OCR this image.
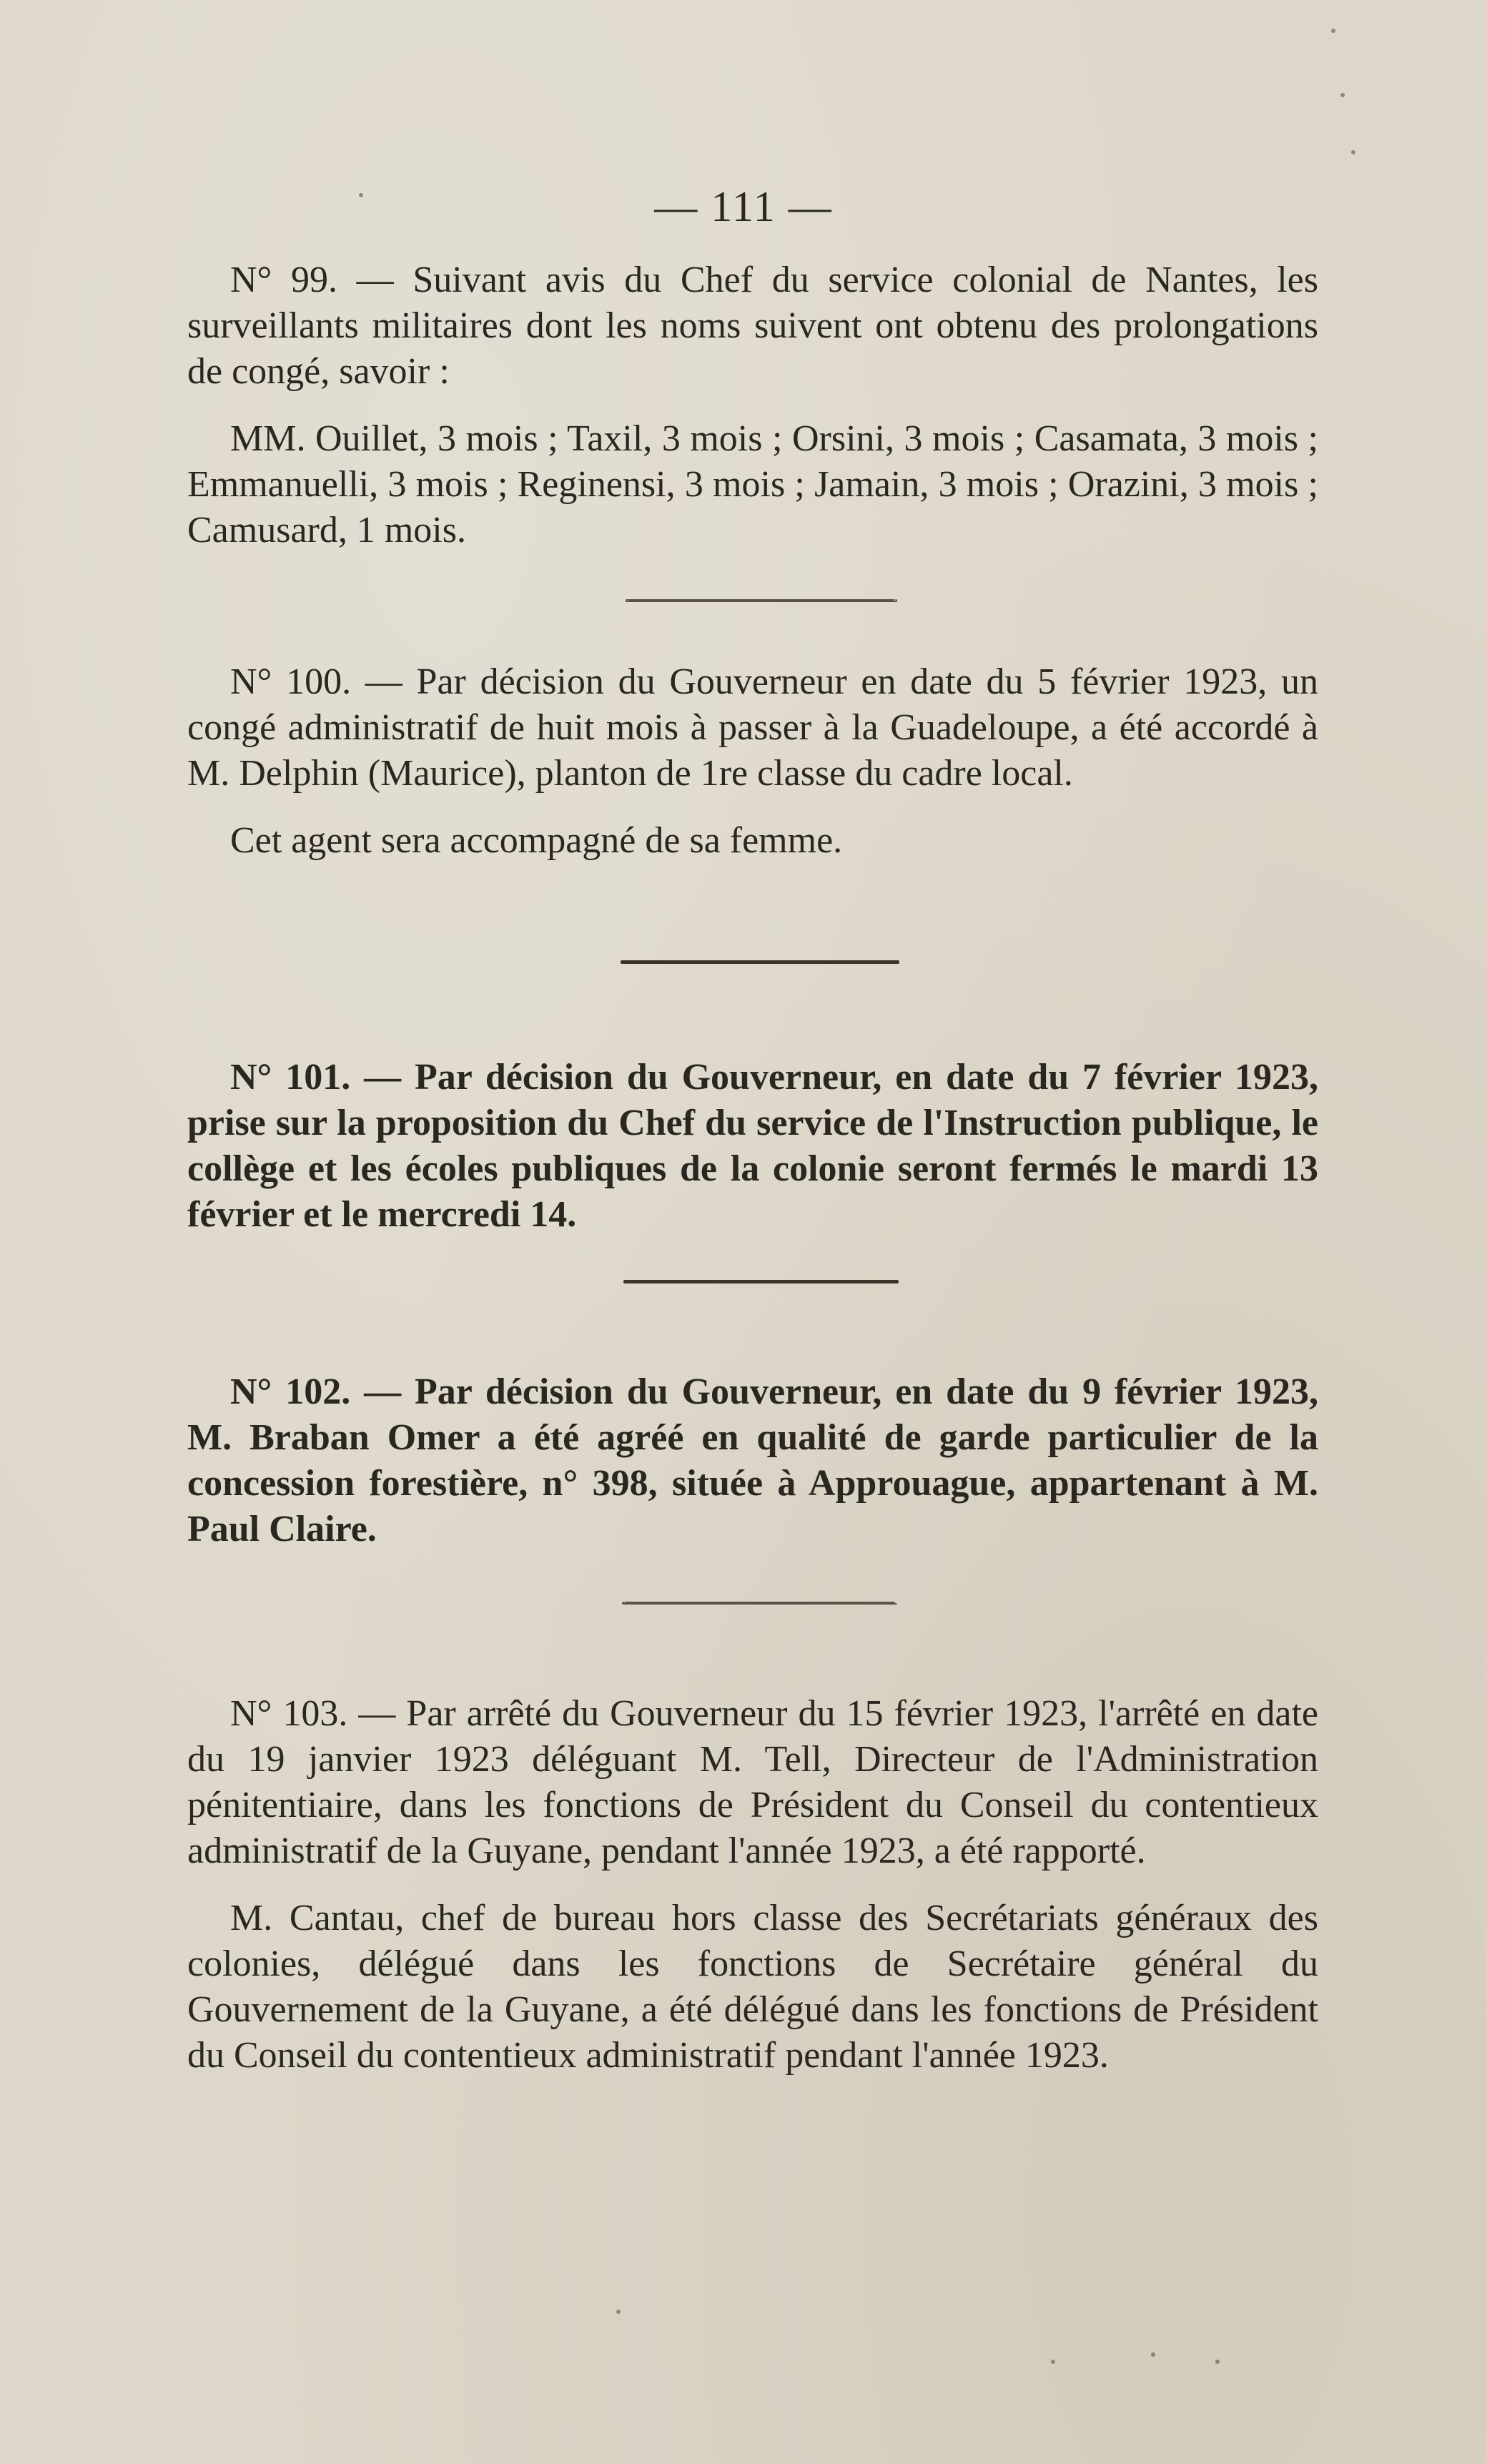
— 111 —

N° 99. — Suivant avis du Chef du service colonial de Nantes, les surveillants militaires dont les noms suivent ont obtenu des prolongations de congé, savoir :

MM. Ouillet, 3 mois ; Taxil, 3 mois ; Orsini, 3 mois ; Casamata, 3 mois ; Emmanuelli, 3 mois ; Reginensi, 3 mois ; Jamain, 3 mois ; Orazini, 3 mois ; Camusard, 1 mois.

N° 100. — Par décision du Gouverneur en date du 5 février 1923, un congé administratif de huit mois à passer à la Guadeloupe, a été accordé à M. Delphin (Maurice), planton de 1re classe du cadre local.

Cet agent sera accompagné de sa femme.

N° 101. — Par décision du Gouverneur, en date du 7 février 1923, prise sur la proposition du Chef du service de l'Instruction publique, le collège et les écoles publiques de la colonie seront fermés le mardi 13 février et le mercredi 14.

N° 102. — Par décision du Gouverneur, en date du 9 février 1923, M. Braban Omer a été agréé en qualité de garde particulier de la concession forestière, n° 398, située à Approuague, appartenant à M. Paul Claire.

N° 103. — Par arrêté du Gouverneur du 15 février 1923, l'arrêté en date du 19 janvier 1923 déléguant M. Tell, Directeur de l'Administration pénitentiaire, dans les fonctions de Président du Conseil du contentieux administratif de la Guyane, pendant l'année 1923, a été rapporté.

M. Cantau, chef de bureau hors classe des Secrétariats généraux des colonies, délégué dans les fonctions de Secrétaire général du Gouvernement de la Guyane, a été délégué dans les fonctions de Président du Conseil du contentieux administratif pendant l'année 1923.
